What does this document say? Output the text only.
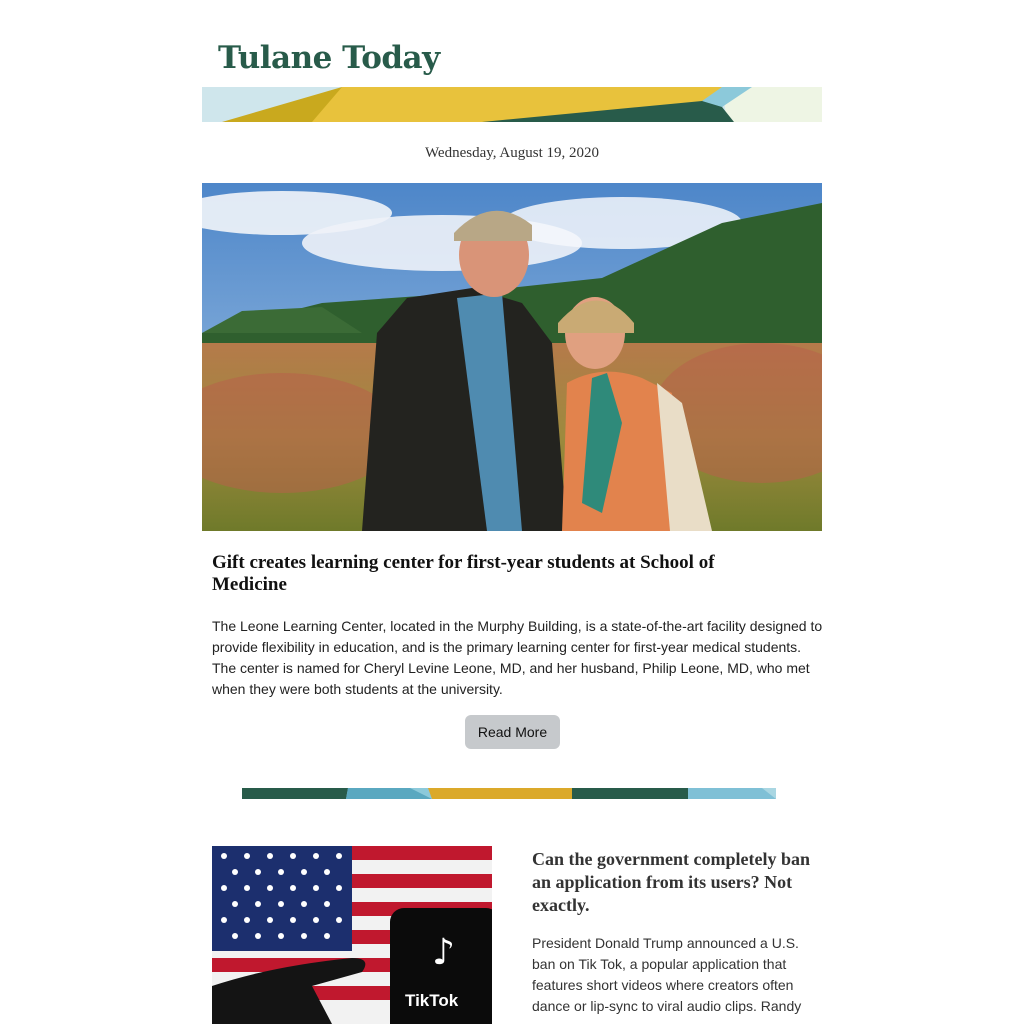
Tulane Today
Wednesday, August 19, 2020
Gift creates learning center for first-year students at School of Medicine

The Leone Learning Center, located in the Murphy Building, is a state-of-the-art facility designed to provide flexibility in education, and is the primary learning center for first-year medical students. The center is named for Cheryl Levine Leone, MD, and her husband, Philip Leone, MD, who met when they were both students at the university.

Read More
♪
TikTok
Can the government completely ban an application from its users? Not exactly.

President Donald Trump announced a U.S. ban on Tik Tok, a popular application that features short videos where creators often dance or lip-sync to viral audio clips. Randy
